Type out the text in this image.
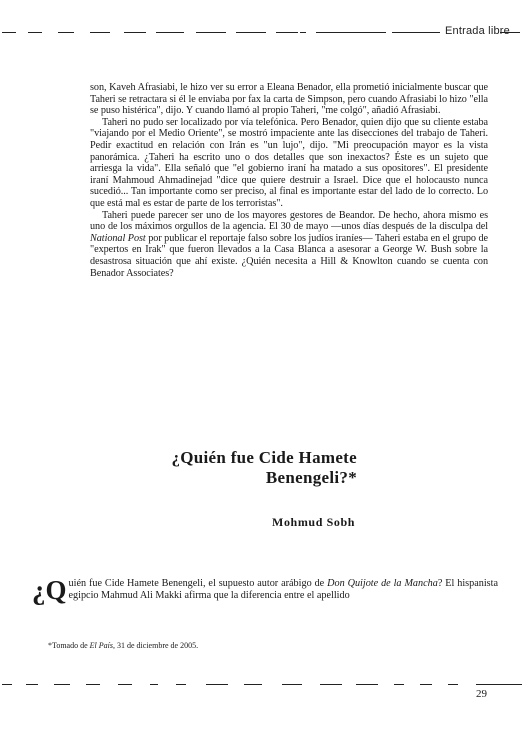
Entrada libre

son, Kaveh Afrasiabi, le hizo ver su error a Eleana Benador, ella prometió inicialmente buscar que Taheri se retractara si él le enviaba por fax la carta de Simpson, pero cuando Afrasiabi lo hizo "ella se puso histérica", dijo. Y cuando llamó al propio Taheri, "me colgó", añadió Afrasiabi.

Taheri no pudo ser localizado por vía telefónica. Pero Benador, quien dijo que su cliente estaba "viajando por el Medio Oriente", se mostró impaciente ante las disecciones del trabajo de Taheri. Pedir exactitud en relación con Irán es "un lujo", dijo. "Mi preocupación mayor es la vista panorámica. ¿Taheri ha escrito uno o dos detalles que son inexactos? Éste es un sujeto que arriesga la vida". Ella señaló que "el gobierno iraní ha matado a sus opositores". El presidente iraní Mahmoud Ahmadinejad "dice que quiere destruir a Israel. Dice que el holocausto nunca sucedió... Tan importante como ser preciso, al final es importante estar del lado de lo correcto. Lo que está mal es estar de parte de los terroristas".

Taheri puede parecer ser uno de los mayores gestores de Beandor. De hecho, ahora mismo es uno de los máximos orgullos de la agencia. El 30 de mayo —unos días después de la disculpa del National Post por publicar el reportaje falso sobre los judíos iraníes— Taheri estaba en el grupo de "expertos en Irak" que fueron llevados a la Casa Blanca a asesorar a George W. Bush sobre la desastrosa situación que ahí existe. ¿Quién necesita a Hill & Knowlton cuando se cuenta con Benador Associates?

¿Quién fue Cide Hamete
Benengeli?*
Mohmud Sobh
¿Q uién fue Cide Hamete Benengeli, el supuesto autor arábigo de Don Quijote de la Mancha? El hispanista egipcio Mahmud Ali Makki afirma que la diferencia entre el apellido
*Tomado de El País, 31 de diciembre de 2005.
29
